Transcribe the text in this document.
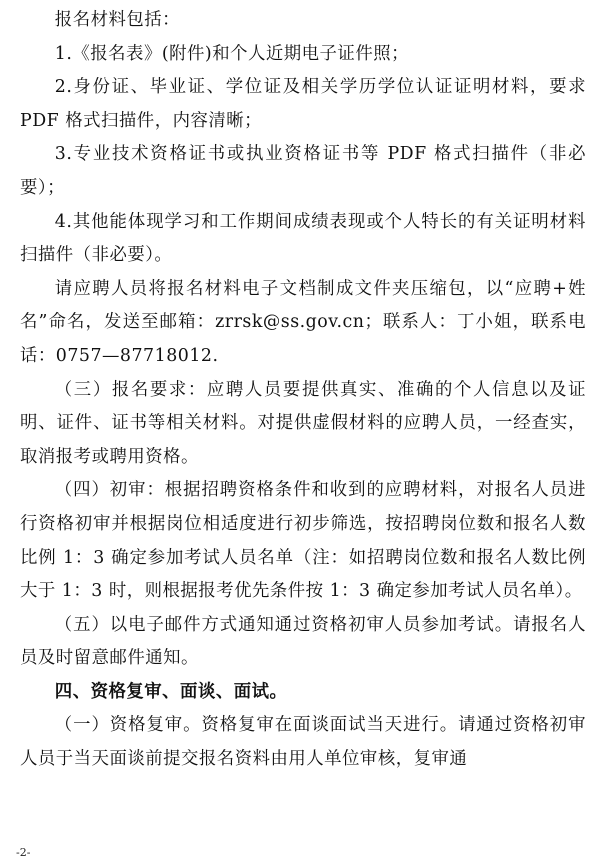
报名材料包括：

1.《报名表》(附件)和个人近期电子证件照；

2.身份证、毕业证、学位证及相关学历学位认证证明材料，要求 PDF 格式扫描件，内容清晰；

3.专业技术资格证书或执业资格证书等 PDF 格式扫描件（非必要）；

4.其他能体现学习和工作期间成绩表现或个人特长的有关证明材料扫描件（非必要）。

请应聘人员将报名材料电子文档制成文件夹压缩包，以“应聘+姓名”命名，发送至邮箱：zrrsk@ss.gov.cn；联系人：丁小姐，联系电话：0757—87718012.

（三）报名要求：应聘人员要提供真实、准确的个人信息以及证明、证件、证书等相关材料。对提供虚假材料的应聘人员，一经查实，取消报考或聘用资格。

（四）初审：根据招聘资格条件和收到的应聘材料，对报名人员进行资格初审并根据岗位相适度进行初步筛选，按招聘岗位数和报名人数比例 1：3 确定参加考试人员名单（注：如招聘岗位数和报名人数比例大于 1：3 时，则根据报考优先条件按 1：3 确定参加考试人员名单）。

（五）以电子邮件方式通知通过资格初审人员参加考试。请报名人员及时留意邮件通知。

四、资格复审、面谈、面试。

（一）资格复审。资格复审在面谈面试当天进行。请通过资格初审人员于当天面谈前提交报名资料由用人单位审核，复审通

-2-
